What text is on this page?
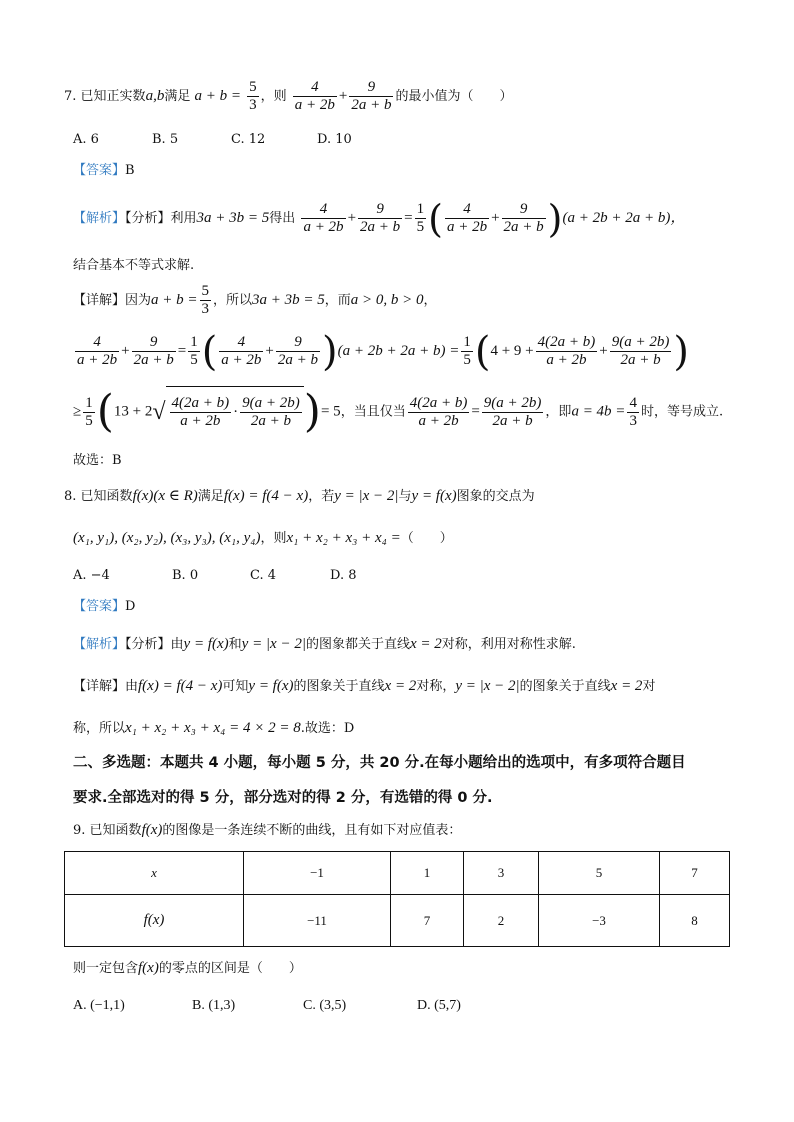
7. 已知正实数a,b满足 $a + b = \frac{5}{3}$ ，则 $\frac{4}{a + 2b} + \frac{9}{2a + b}$ 的最小值为（　　）
A. 6	B. 5	C. 12	D. 10
【答案】B
【解析】【分析】利用3a + 3b = 5得出 $\frac{4}{a + 2b} + \frac{9}{2a + b} = \frac{1}{5}$ ( $\frac{4}{a + 2b} + \frac{9}{2a + b} )(a + 2b + 2a + b)$，
结合基本不等式求解.
【详解】因为$a + b = \frac{5}{3}$ ，所以3a + 3b = 5，而a > 0, b > 0，
$\frac{4}{a + 2b} + \frac{9}{2a + b} = \frac{1}{5}$ ( $\frac{4}{a + 2b} + \frac{9}{2a + b} )(a + 2b + 2a + b) = \frac{1}{5} (4 + 9 + \frac{4(2a + b)}{a + 2b} + \frac{9(a + 2b)}{2a + b}$ )
≥ $\frac{1}{5} (13 + 2√ \frac{4(2a + b)}{a + 2b} \cdot \frac{9(a + 2b)}{2a + b}$ )= 5，当且仅当 $\frac{4(2a + b)}{a + 2b} = \frac{9(a + 2b)}{2a + b}$ ，即$a = 4b = \frac{4}{3}$ 时，等号成立.
故选：B
8. 已知函数f(x)(x ∈ R)满足f(x) = f(4 − x)，若y = |x − 2|与y = f(x)图象的交点为
(x₁, y₁), (x₂, y₂), (x₃, y₃), (x₁, y₄)，则x₁ + x₂ + x₃ + x₄ =（　　）
A. −4	B. 0	C. 4	D. 8
【答案】D
【解析】【分析】由y = f(x)和y = |x − 2|的图象都关于直线x = 2对称，利用对称性求解.
【详解】由f(x) = f(4 − x)可知y = f(x)的图象关于直线x = 2对称，y = |x − 2|的图象关于直线x = 2对
称，所以x₁ + x₂ + x₃ + x₄ = 4 × 2 = 8.故选：D
二、多选题：本题共 4 小题，每小题 5 分，共 20 分.在每小题给出的选项中，有多项符合题目
要求.全部选对的得 5 分，部分选对的得 2 分，有选错的得 0 分.
9. 已知函数f(x)的图像是一条连续不断的曲线，且有如下对应值表：
x	−1	1	3	5	7
f(x)	−11	7	2	−3	8
则一定包含f(x)的零点的区间是（　　）
A. (−1,1)	B. (1,3)	C. (3,5)	D. (5,7)
